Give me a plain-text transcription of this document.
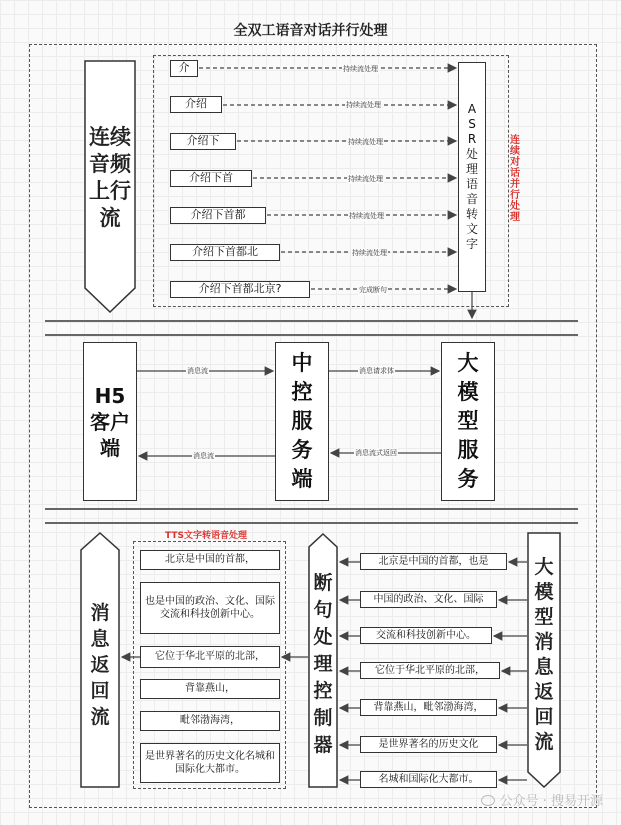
全双工语音对话并行处理
连续音频上行流
介
介绍
介绍下
介绍下首
介绍下首都
介绍下首都北
介绍下首都北京?
ASR处理语音转文字
连续对话并行处理
H5客户端
中控服务端
大模型服务
消息返回流
TTS文字转语音处理
北京是中国的首都，
也是中国的政治、文化、国际交流和科技创新中心。
它位于华北平原的北部，
背靠燕山，
毗邻渤海湾，
是世界著名的历史文化名城和国际化大都市。
断句处理控制器
北京是中国的首都，也是
中国的政治、文化、国际
交流和科技创新中心。
它位于华北平原的北部，
背靠燕山，毗邻渤海湾，
是世界著名的历史文化
名城和国际化大都市。
大模型消息返回流
持续流处理
持续流处理
持续流处理
持续流处理
持续流处理
持续流处理
完成断句
消息流	消息请求体
消息流式返回
消息流
公众号 · 搜易开源
